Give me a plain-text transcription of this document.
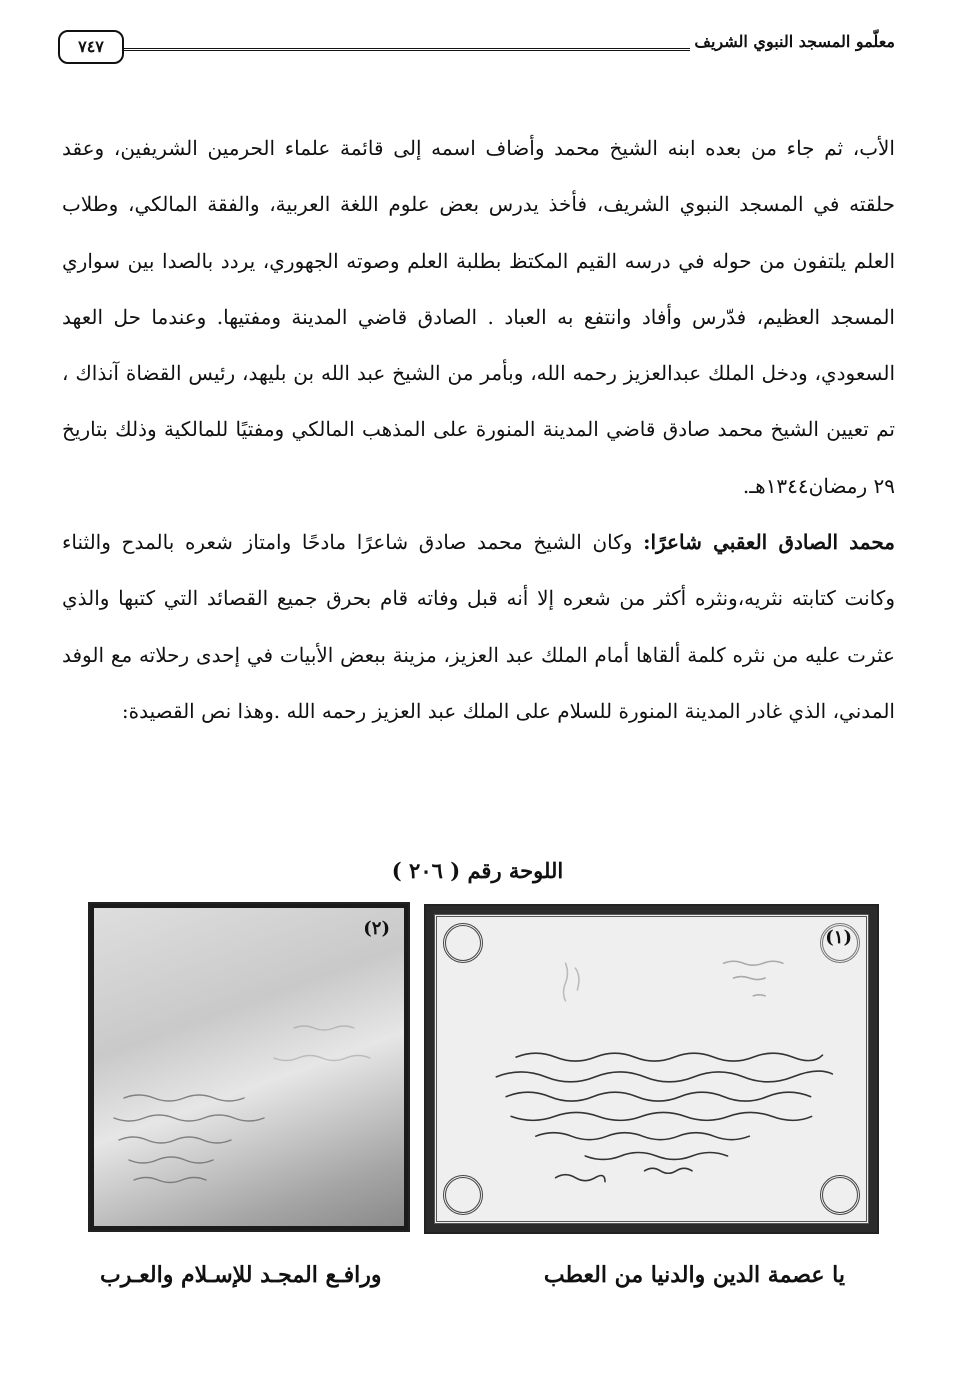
معلّمو المسجد النبوي الشريف
٧٤٧

الأب، ثم جاء من بعده ابنه الشيخ محمد وأضاف اسمه إلى قائمة علماء الحرمين الشريفين، وعقد حلقته في المسجد النبوي الشريف، فأخذ يدرس بعض علوم اللغة العربية، والفقة المالكي، وطلاب العلم يلتفون من حوله في درسه القيم المكتظ بطلبة العلم وصوته الجهوري، يردد بالصدا بين سواري المسجد العظيم، فدّرس وأفاد وانتفع به العباد . الصادق قاضي المدينة ومفتيها. وعندما حل العهد السعودي، ودخل الملك عبدالعزيز رحمه الله، وبأمر من الشيخ عبد الله بن بليهد، رئيس القضاة آنذاك ، تم تعيين الشيخ محمد صادق قاضي المدينة المنورة على المذهب المالكي ومفتيًا للمالكية وذلك بتاريخ ٢٩ رمضان١٣٤٤هـ.

محمد الصادق العقبي شاعرًا: وكان الشيخ محمد صادق شاعرًا مادحًا وامتاز شعره بالمدح والثناء وكانت كتابته نثريه،ونثره أكثر من شعره إلا أنه قبل وفاته قام بحرق جميع القصائد التي كتبها والذي عثرت عليه من نثره كلمة ألقاها أمام الملك عبد العزيز، مزينة ببعض الأبيات في إحدى رحلاته مع الوفد المدني، الذي غادر المدينة المنورة للسلام على الملك عبد العزيز رحمه الله .وهذا نص القصيدة:

اللوحة رقم ( ٢٠٦ )
(١)
(٢)
يا عصمة الدين والدنيا من العطب
ورافـع المجـد للإسـلام والعـرب
